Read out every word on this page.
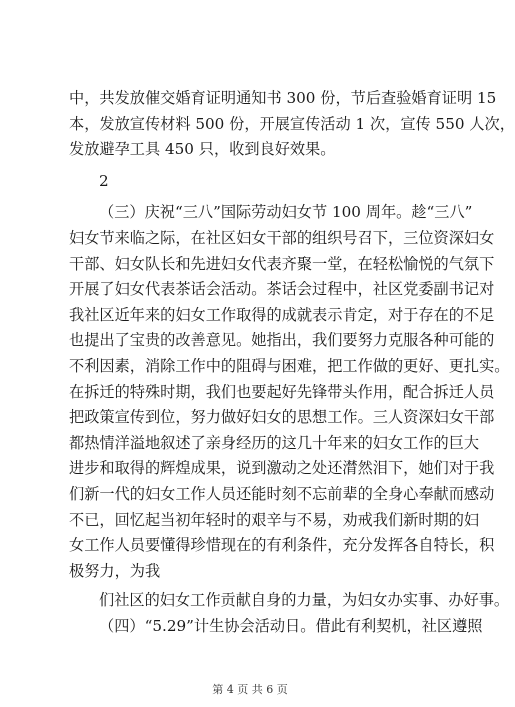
中，共发放催交婚育证明通知书 300 份，节后查验婚育证明 15
本，发放宣传材料 500 份，开展宣传活动 1 次，宣传 550 人次，
发放避孕工具 450 只，收到良好效果。
2
（三）庆祝“三八”国际劳动妇女节 100 周年。趁“三八”
妇女节来临之际，在社区妇女干部的组织号召下，三位资深妇女
干部、妇女队长和先进妇女代表齐聚一堂，在轻松愉悦的气氛下
开展了妇女代表茶话会活动。茶话会过程中，社区党委副书记对
我社区近年来的妇女工作取得的成就表示肯定，对于存在的不足
也提出了宝贵的改善意见。她指出，我们要努力克服各种可能的
不利因素，消除工作中的阻碍与困难，把工作做的更好、更扎实。
在拆迁的特殊时期，我们也要起好先锋带头作用，配合拆迁人员
把政策宣传到位，努力做好妇女的思想工作。三人资深妇女干部
都热情洋溢地叙述了亲身经历的这几十年来的妇女工作的巨大
进步和取得的辉煌成果，说到激动之处还潸然泪下，她们对于我
们新一代的妇女工作人员还能时刻不忘前辈的全身心奉献而感动
不已，回忆起当初年轻时的艰辛与不易，劝戒我们新时期的妇
女工作人员要懂得珍惜现在的有利条件，充分发挥各自特长，积
极努力，为我
们社区的妇女工作贡献自身的力量，为妇女办实事、办好事。
（四）“5.29”计生协会活动日。借此有利契机，社区遵照
第 4 页 共 6 页
